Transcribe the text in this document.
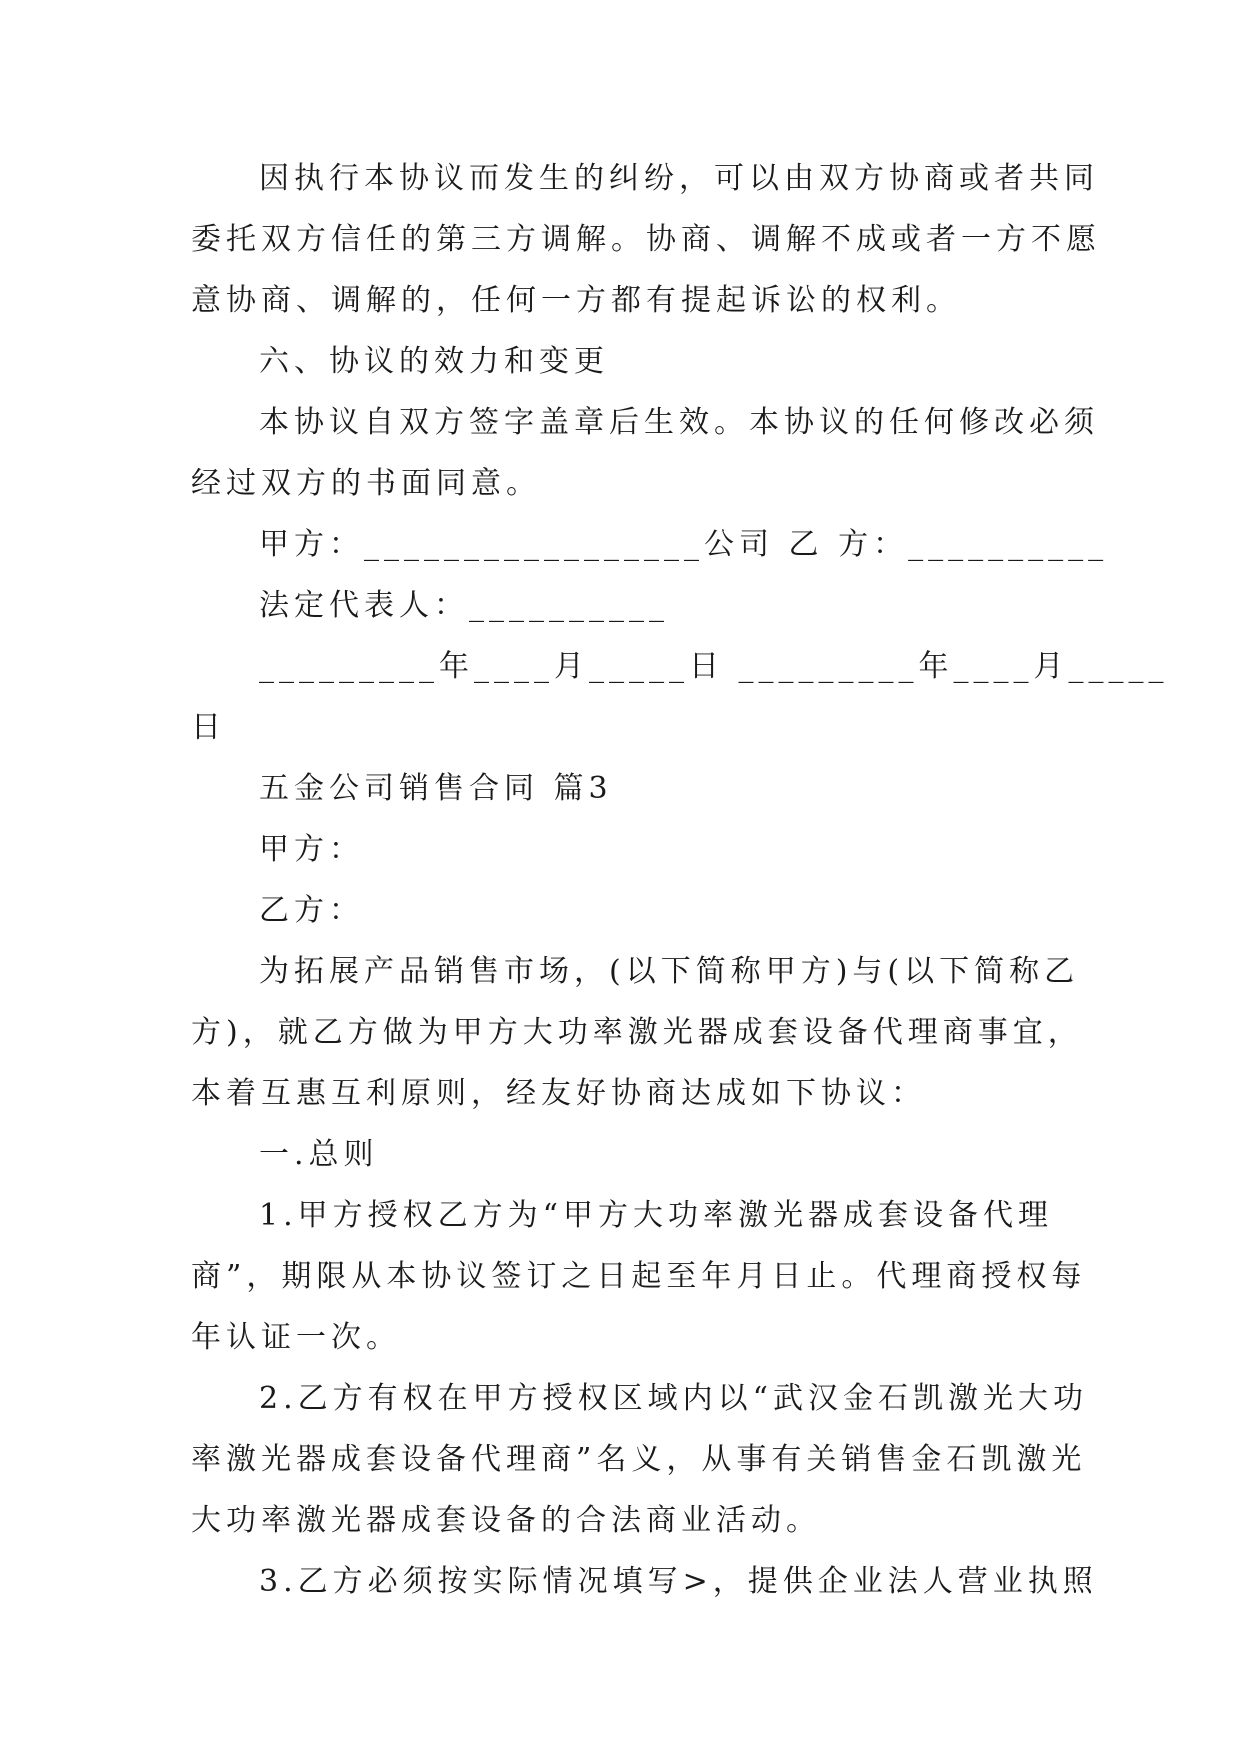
因执行本协议而发生的纠纷，可以由双方协商或者共同

委托双方信任的第三方调解。协商、调解不成或者一方不愿

意协商、调解的，任何一方都有提起诉讼的权利。

六、协议的效力和变更

本协议自双方签字盖章后生效。本协议的任何修改必须

经过双方的书面同意。

甲方：_________________公司 乙 方：__________

法定代表人：__________

_________年____月_____日 _________年____月_____

日

五金公司销售合同 篇3

甲方：

乙方：

为拓展产品销售市场，(以下简称甲方)与(以下简称乙

方)，就乙方做为甲方大功率激光器成套设备代理商事宜，

本着互惠互利原则，经友好协商达成如下协议：

一.总则

1.甲方授权乙方为“甲方大功率激光器成套设备代理

商”，期限从本协议签订之日起至年月日止。代理商授权每

年认证一次。

2.乙方有权在甲方授权区域内以“武汉金石凯激光大功

率激光器成套设备代理商”名义，从事有关销售金石凯激光

大功率激光器成套设备的合法商业活动。

3.乙方必须按实际情况填写>，提供企业法人营业执照
